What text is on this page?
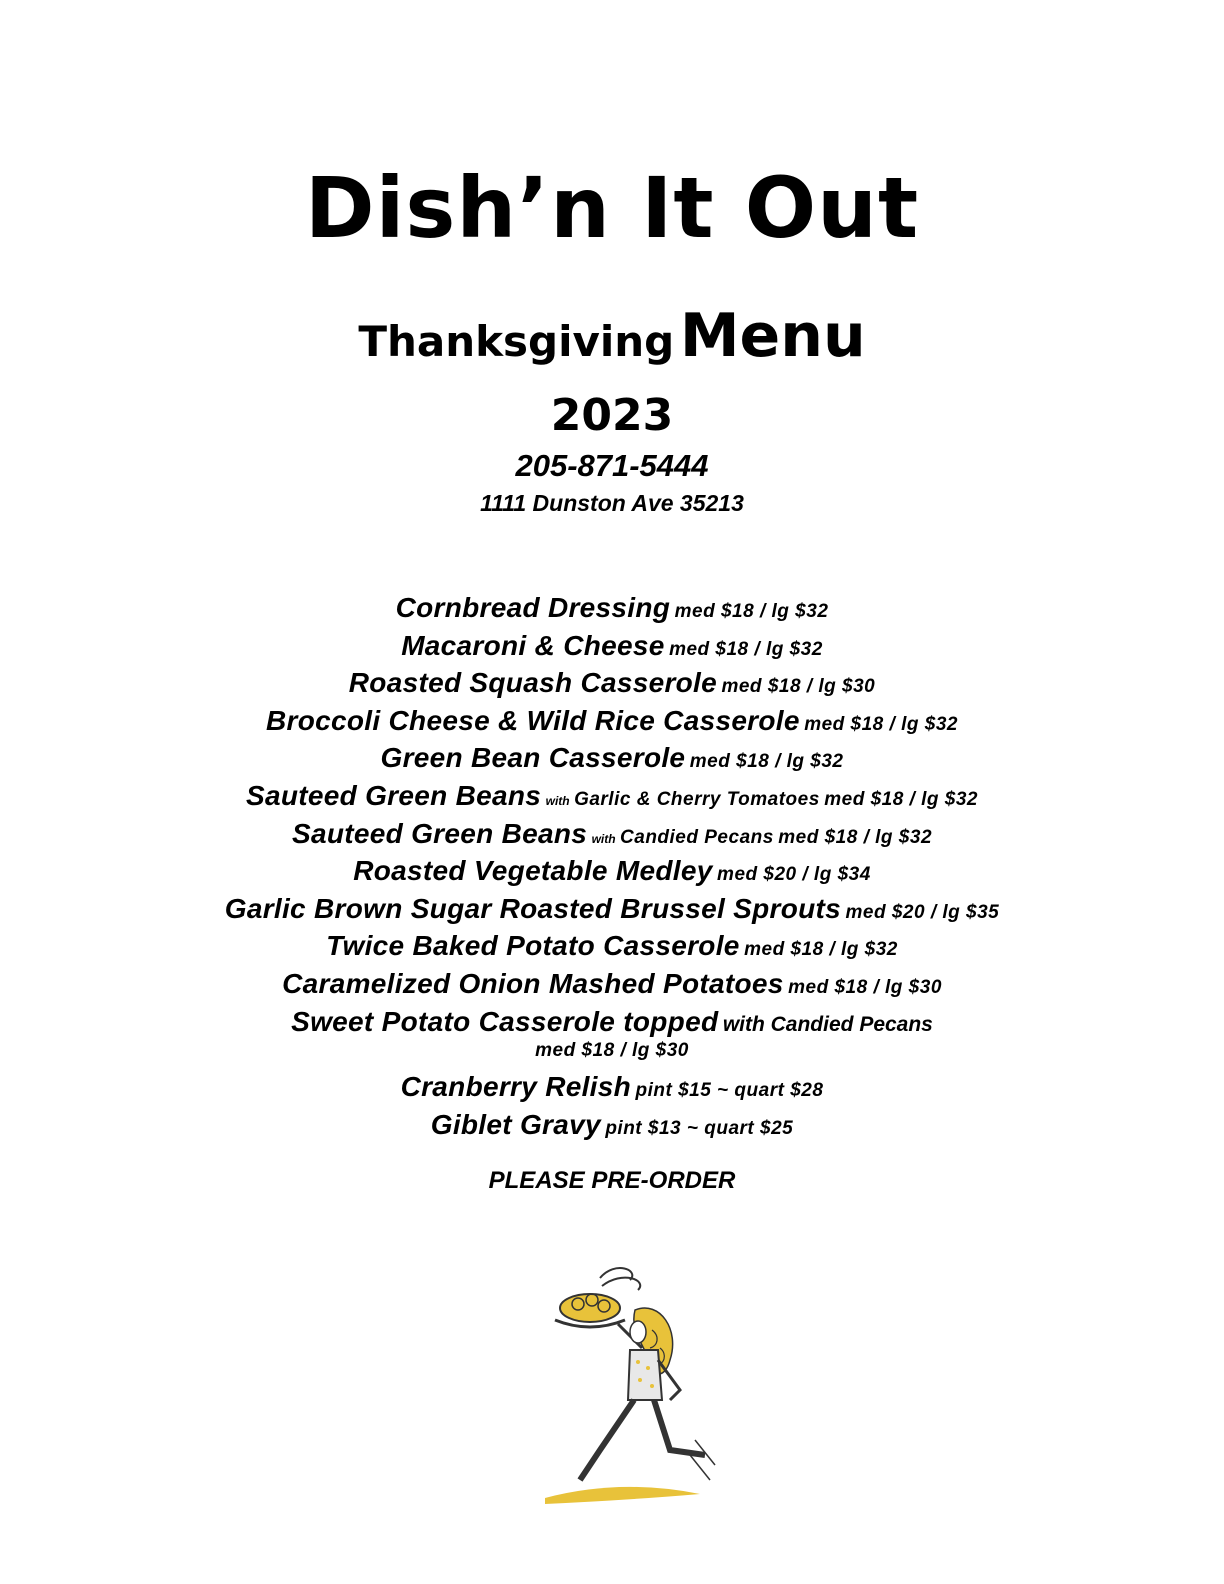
Dish’n It Out
Thanksgiving Menu
2023
205-871-5444
1111 Dunston Ave 35213
Cornbread Dressing med $18 / lg $32
Macaroni & Cheese med $18 / lg $32
Roasted Squash Casserole med $18 / lg $30
Broccoli Cheese & Wild Rice Casserole med $18 / lg $32
Green Bean Casserole med $18 / lg $32
Sauteed Green Beans with Garlic & Cherry Tomatoes med $18 / lg $32
Sauteed Green Beans with Candied Pecans med $18 / lg $32
Roasted Vegetable Medley med $20 / lg $34
Garlic Brown Sugar Roasted Brussel Sprouts med $20 / lg $35
Twice Baked Potato Casserole med $18 / lg $32
Caramelized Onion Mashed Potatoes med $18 / lg $30
Sweet Potato Casserole topped with Candied Pecans
med $18 / lg $30
Cranberry Relish pint $15 ~ quart $28
Giblet Gravy pint $13 ~ quart $25
PLEASE PRE-ORDER
